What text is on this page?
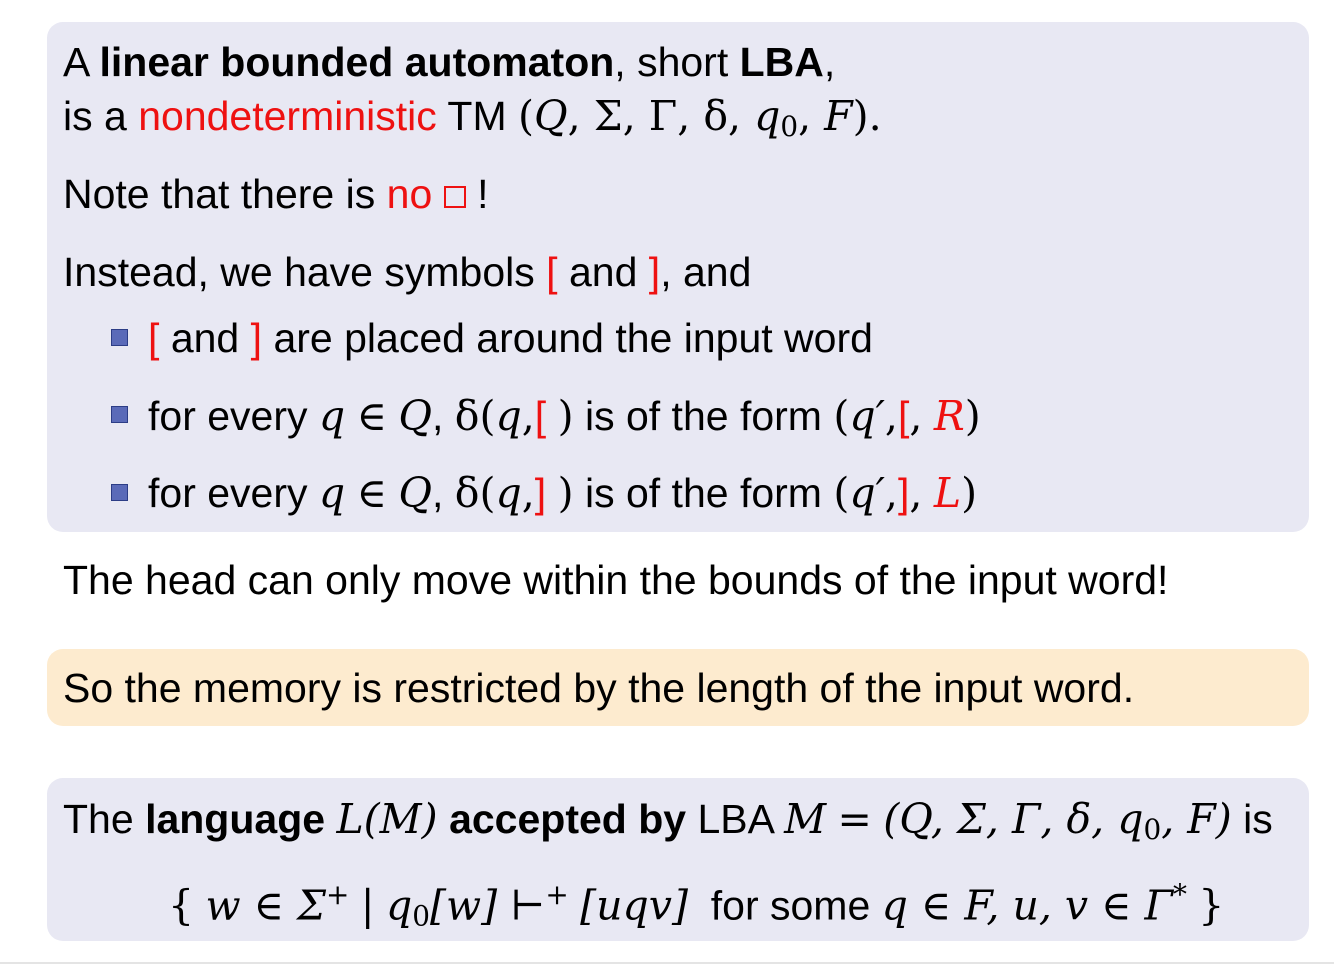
A linear bounded automaton, short LBA,
is a nondeterministic TM (Q, Σ, Γ, δ, $q_0$, F).
Note that there is no !
Instead, we have symbols [ and ], and
[ and ] are placed around the input word
for every q ∈ Q, δ(q,[ ) is of the form (q′,[, R)
for every q ∈ Q, δ(q,] ) is of the form (q′,], L)
The head can only move within the bounds of the input word!
So the memory is restricted by the length of the input word.
The language L(M) accepted by LBA M = (Q, Σ, Γ, δ, $q_0$, F) is
{ w ∈ Σ+ | $q_0[w]$ ⊢+ [uqv] for some q ∈ F, u, v ∈ Γ* }
